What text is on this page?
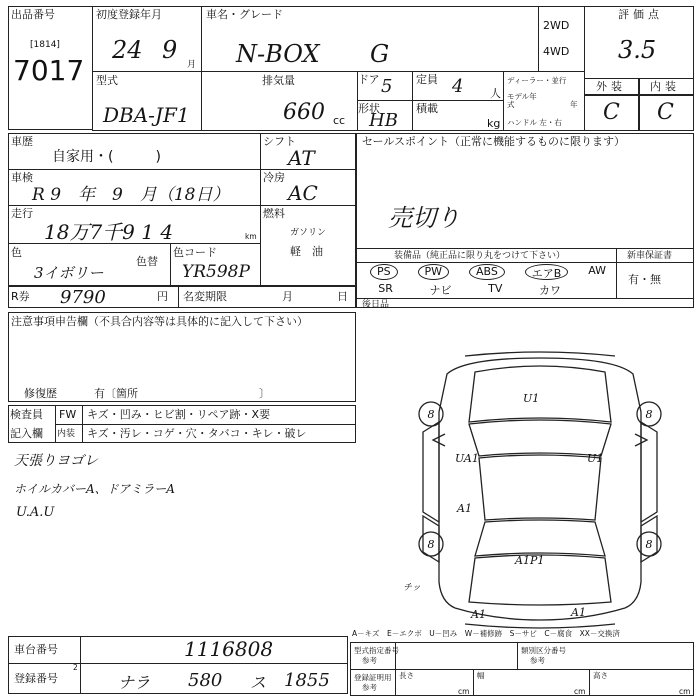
出品番号
[1814]
7017
初度登録年月
24 9
月
車名・グレード
N-BOX G
2WD
4WD
評価点
3.5
型式
DBA-JF1
排気量
660 cc
ドア 5 定員 4 人
形状
HB
積載
kg
ディーラー・並行
モデル年式	年
ハンドル 左・右
外装 内装
C C
車歴
自家用・(　　　)
シフト
AT
車検
R 9　年　9　月（18日）
冷房
AC
走行
18万7千9 1 4	km
燃料
ガソリン
軽　油
色
3イボリー
色替
色コード
YR598P
R券 9790	円 名変期限	月	日
セールスポイント（正常に機能するものに限ります）
売切り
装備品（純正品に限り丸をつけて下さい）	新車保証書
有・無
PS	PW	ABS	エアB	AW
SR	ナビ	TV	カワ
後日品
注意事項申告欄（不具合内容等は具体的に記入して下さい）
修復歴	有〔箇所　　　　　　　　　　　〕
検査員
記入欄
FW キズ・凹み・ヒビ割・リペア跡・X要
内装 キズ・汚レ・コゲ・穴・タバコ・キレ・破レ
天張りヨゴレ
ホイルカバーA、ドアミラーA
U.A.U
8	8
8	8
U1
UA1	U1
A1
A1P1
A1	A1
チッ
A－キズ　E－エクボ　U－凹み　W－補修跡　S－サビ　C－腐食　XX－交換済
車台番号	1116808
登録番号
2
ナラ 580 ス 1855
型式指定番号
参考
類別区分番号
参考
登録証明用
参考
長さ
cm
幅
cm
高さ
cm
